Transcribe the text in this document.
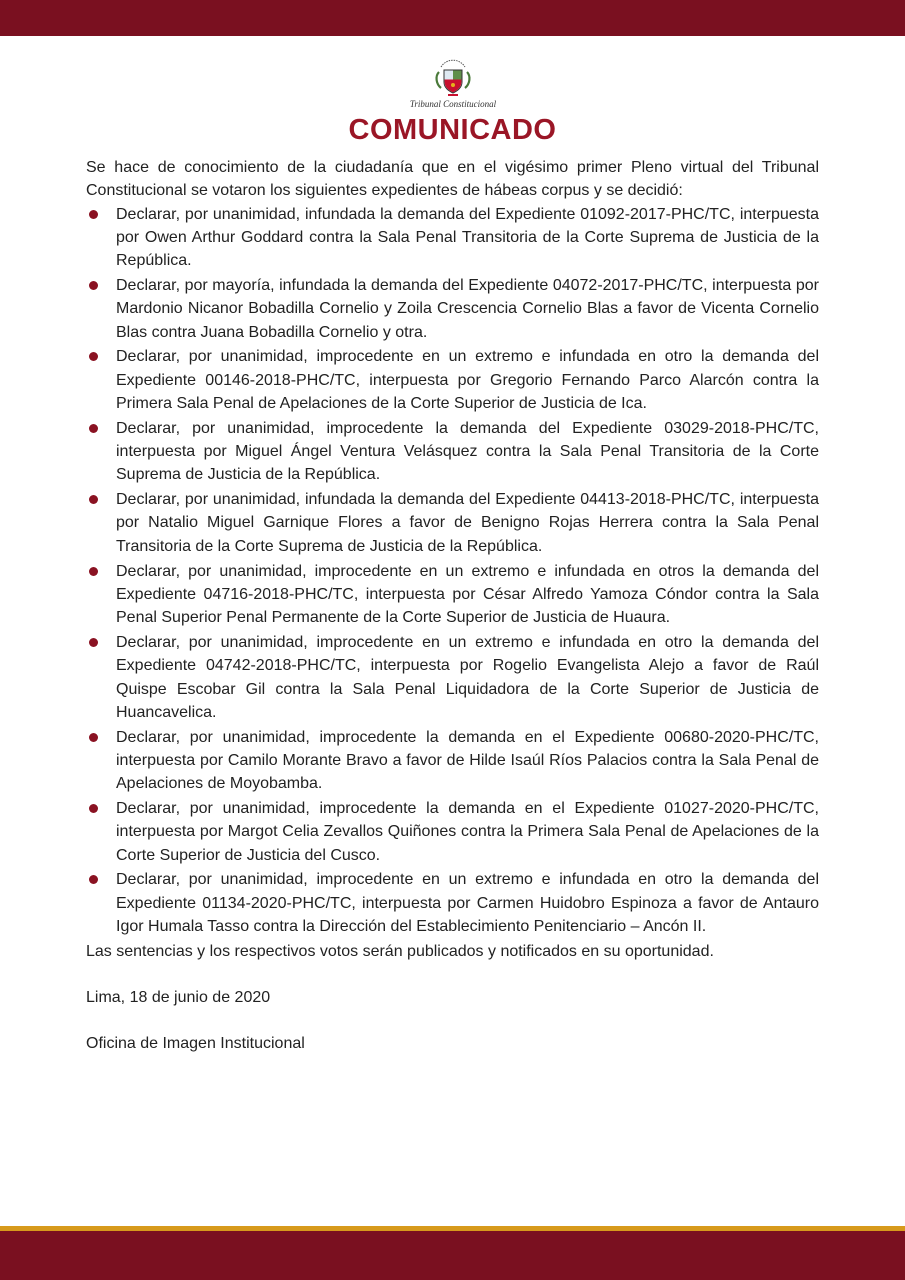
Tribunal Constitucional
COMUNICADO

Se hace de conocimiento de la ciudadanía que en el vigésimo primer Pleno virtual del Tribunal Constitucional se votaron los siguientes expedientes de hábeas corpus y se decidió:

Declarar, por unanimidad, infundada la demanda del Expediente 01092-2017-PHC/TC, interpuesta por Owen Arthur Goddard contra la Sala Penal Transitoria de la Corte Suprema de Justicia de la República.
Declarar, por mayoría, infundada la demanda del Expediente 04072-2017-PHC/TC, interpuesta por Mardonio Nicanor Bobadilla Cornelio y Zoila Crescencia Cornelio Blas a favor de Vicenta Cornelio Blas contra Juana Bobadilla Cornelio y otra.
Declarar, por unanimidad, improcedente en un extremo e infundada en otro la demanda del Expediente 00146-2018-PHC/TC, interpuesta por Gregorio Fernando Parco Alarcón contra la Primera Sala Penal de Apelaciones de la Corte Superior de Justicia de Ica.
Declarar, por unanimidad, improcedente la demanda del Expediente 03029-2018-PHC/TC, interpuesta por Miguel Ángel Ventura Velásquez contra la Sala Penal Transitoria de la Corte Suprema de Justicia de la República.
Declarar, por unanimidad, infundada la demanda del Expediente 04413-2018-PHC/TC, interpuesta por Natalio Miguel Garnique Flores a favor de Benigno Rojas Herrera contra la Sala Penal Transitoria de la Corte Suprema de Justicia de la República.
Declarar, por unanimidad, improcedente en un extremo e infundada en otros la demanda del Expediente 04716-2018-PHC/TC, interpuesta por César Alfredo Yamoza Cóndor contra la Sala Penal Superior Penal Permanente de la Corte Superior de Justicia de Huaura.
Declarar, por unanimidad, improcedente en un extremo e infundada en otro la demanda del Expediente 04742-2018-PHC/TC, interpuesta por Rogelio Evangelista Alejo a favor de Raúl Quispe Escobar Gil contra la Sala Penal Liquidadora de la Corte Superior de Justicia de Huancavelica.
Declarar, por unanimidad, improcedente la demanda en el Expediente 00680-2020-PHC/TC, interpuesta por Camilo Morante Bravo a favor de Hilde Isaúl Ríos Palacios contra la Sala Penal de Apelaciones de Moyobamba.
Declarar, por unanimidad, improcedente la demanda en el Expediente 01027-2020-PHC/TC, interpuesta por Margot Celia Zevallos Quiñones contra la Primera Sala Penal de Apelaciones de la Corte Superior de Justicia del Cusco.
Declarar, por unanimidad, improcedente en un extremo e infundada en otro la demanda del Expediente 01134-2020-PHC/TC, interpuesta por Carmen Huidobro Espinoza a favor de Antauro Igor Humala Tasso contra la Dirección del Establecimiento Penitenciario – Ancón II.

Las sentencias y los respectivos votos serán publicados y notificados en su oportunidad.

Lima, 18 de junio de 2020

Oficina de Imagen Institucional
